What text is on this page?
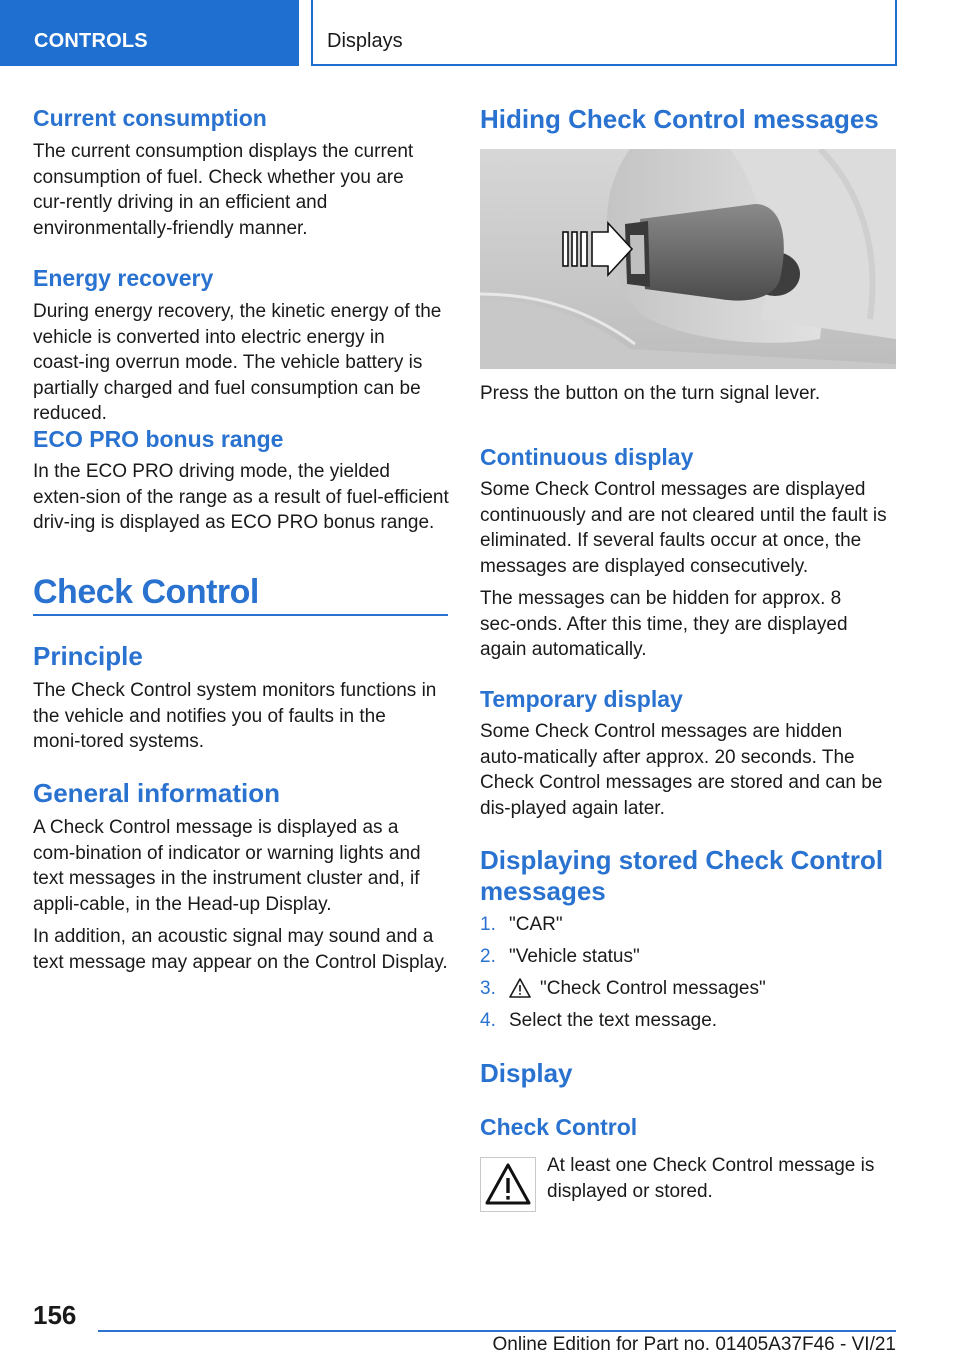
CONTROLS	Displays
Current consumption
The current consumption displays the current consumption of fuel. Check whether you are cur‑rently driving in an efficient and environmentally-friendly manner.
Energy recovery
During energy recovery, the kinetic energy of the vehicle is converted into electric energy in coast‑ing overrun mode. The vehicle battery is partially charged and fuel consumption can be reduced.
ECO PRO bonus range
In the ECO PRO driving mode, the yielded exten‑sion of the range as a result of fuel-efficient driv‑ing is displayed as ECO PRO bonus range.
Check Control
Principle
The Check Control system monitors functions in the vehicle and notifies you of faults in the moni‑tored systems.
General information
A Check Control message is displayed as a com‑bination of indicator or warning lights and text messages in the instrument cluster and, if appli‑cable, in the Head-up Display.
In addition, an acoustic signal may sound and a text message may appear on the Control Display.
Hiding Check Control messages
Press the button on the turn signal lever.
Continuous display
Some Check Control messages are displayed continuously and are not cleared until the fault is eliminated. If several faults occur at once, the messages are displayed consecutively.
The messages can be hidden for approx. 8 sec‑onds. After this time, they are displayed again automatically.
Temporary display
Some Check Control messages are hidden auto‑matically after approx. 20 seconds. The Check Control messages are stored and can be dis‑played again later.
Displaying stored Check Control messages
1. "CAR"
2. "Vehicle status"
3. "Check Control messages"
4. Select the text message.
Display
Check Control
At least one Check Control message is displayed or stored.
156
Online Edition for Part no. 01405A37F46 - VI/21
